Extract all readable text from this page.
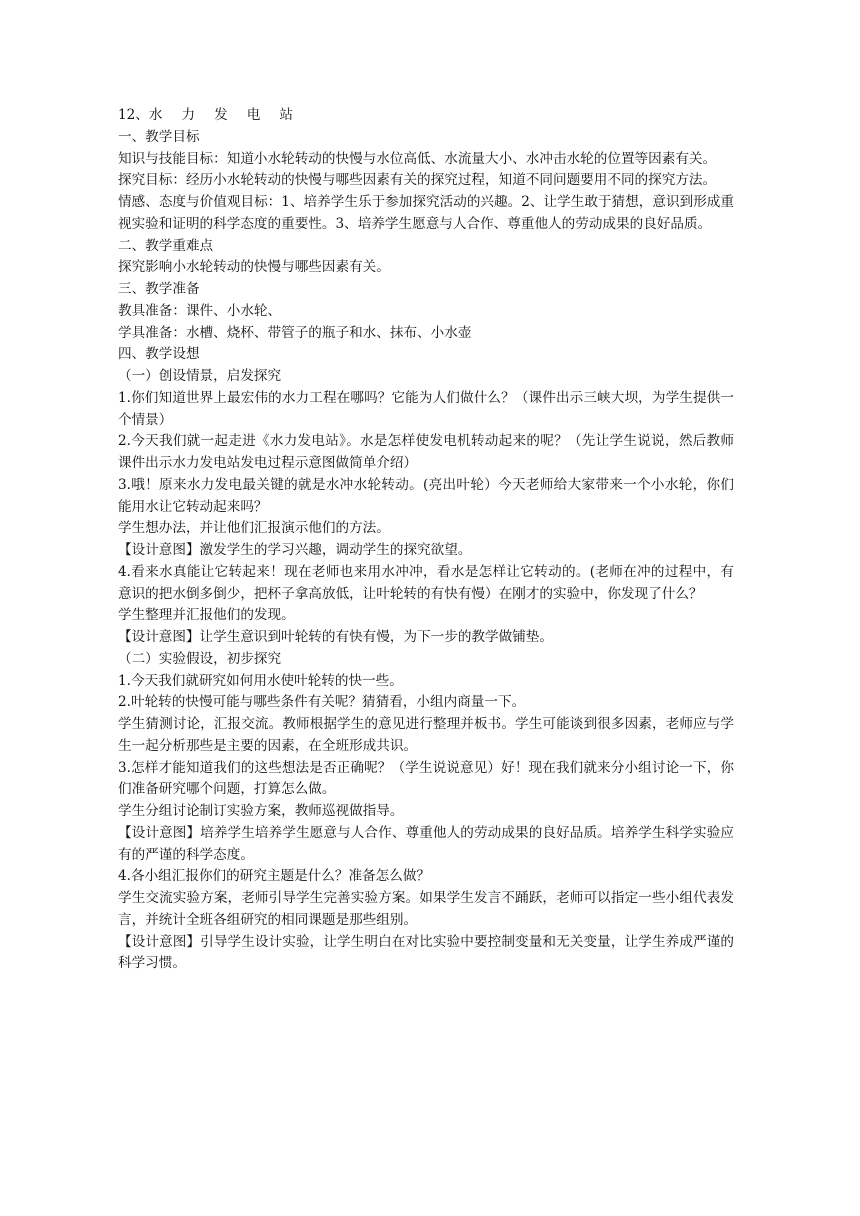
12、水 力 发 电 站

一、教学目标

知识与技能目标：知道小水轮转动的快慢与水位高低、水流量大小、水冲击水轮的位置等因素有关。

探究目标：经历小水轮转动的快慢与哪些因素有关的探究过程，知道不同问题要用不同的探究方法。

情感、态度与价值观目标：1、培养学生乐于参加探究活动的兴趣。2、让学生敢于猜想，意识到形成重视实验和证明的科学态度的重要性。3、培养学生愿意与人合作、尊重他人的劳动成果的良好品质。

二、教学重难点

探究影响小水轮转动的快慢与哪些因素有关。

三、教学准备

教具准备：课件、小水轮、

学具准备：水槽、烧杯、带管子的瓶子和水、抹布、小水壶

四、教学设想

（一）创设情景，启发探究

1.你们知道世界上最宏伟的水力工程在哪吗？它能为人们做什么？（课件出示三峡大坝，为学生提供一个情景）

2.今天我们就一起走进《水力发电站》。水是怎样使发电机转动起来的呢？（先让学生说说，然后教师课件出示水力发电站发电过程示意图做简单介绍）

3.哦！原来水力发电最关键的就是水冲水轮转动。(亮出叶轮）今天老师给大家带来一个小水轮，你们能用水让它转动起来吗？

学生想办法，并让他们汇报演示他们的方法。

【设计意图】激发学生的学习兴趣，调动学生的探究欲望。

4.看来水真能让它转起来！现在老师也来用水冲冲，看水是怎样让它转动的。(老师在冲的过程中，有意识的把水倒多倒少，把杯子拿高放低，让叶轮转的有快有慢）在刚才的实验中，你发现了什么？

学生整理并汇报他们的发现。

【设计意图】让学生意识到叶轮转的有快有慢，为下一步的教学做铺垫。

（二）实验假设，初步探究

1.今天我们就研究如何用水使叶轮转的快一些。

2.叶轮转的快慢可能与哪些条件有关呢？猜猜看，小组内商量一下。

学生猜测讨论，汇报交流。教师根据学生的意见进行整理并板书。学生可能谈到很多因素，老师应与学生一起分析那些是主要的因素，在全班形成共识。

3.怎样才能知道我们的这些想法是否正确呢？（学生说说意见）好！现在我们就来分小组讨论一下，你们准备研究哪个问题，打算怎么做。

学生分组讨论制订实验方案，教师巡视做指导。

【设计意图】培养学生培养学生愿意与人合作、尊重他人的劳动成果的良好品质。培养学生科学实验应有的严谨的科学态度。

4.各小组汇报你们的研究主题是什么？准备怎么做？

学生交流实验方案，老师引导学生完善实验方案。如果学生发言不踊跃，老师可以指定一些小组代表发言，并统计全班各组研究的相同课题是那些组别。

【设计意图】引导学生设计实验，让学生明白在对比实验中要控制变量和无关变量，让学生养成严谨的科学习惯。
